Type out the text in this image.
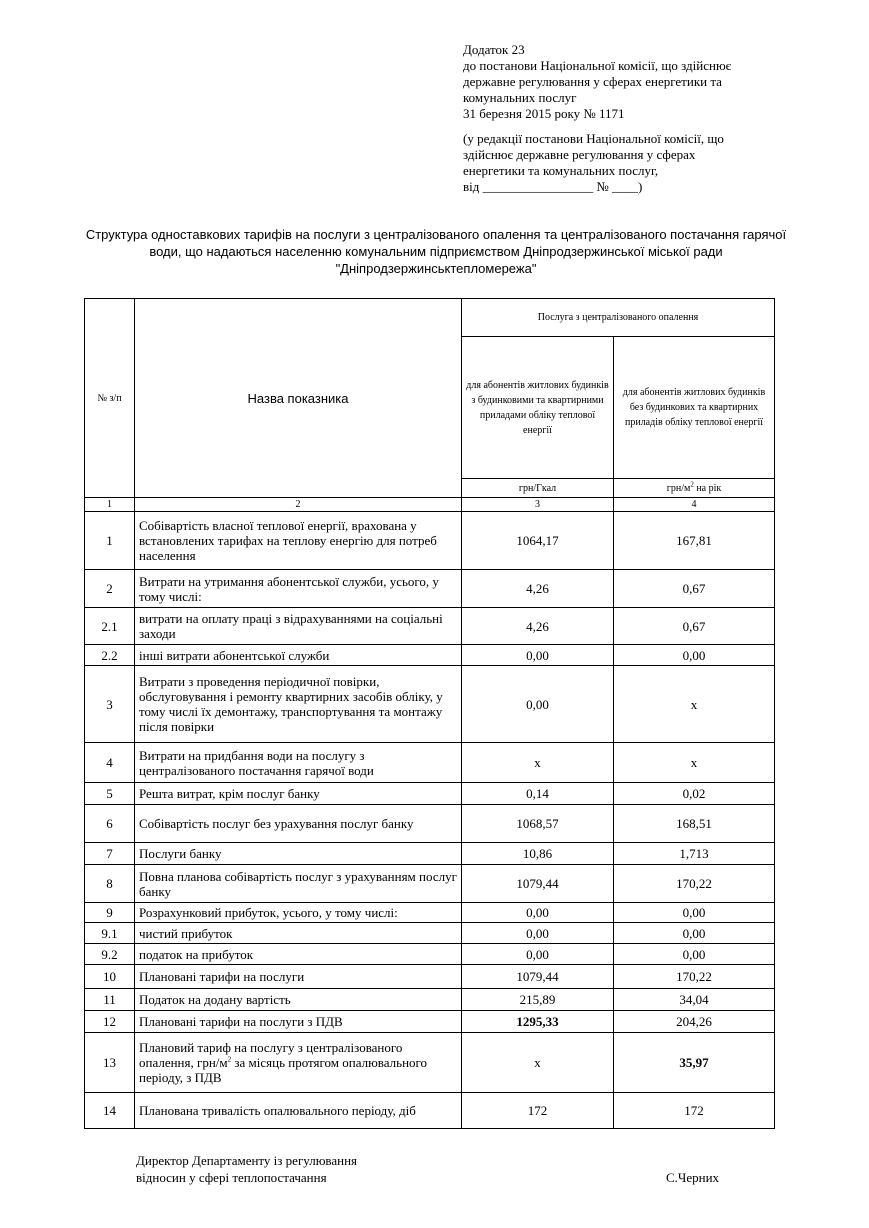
Додаток 23
до постанови Національної комісії, що здійснює
державне регулювання у сферах енергетики та
комунальних послуг
31 березня 2015 року № 1171
(у редакції постанови Національної комісії, що
здійснює державне регулювання у сферах
енергетики та комунальних послуг,
від _________________ № ____)
Структура одноставкових тарифів на послуги з централізованого опалення та централізованого постачання гарячої
води, що надаються населенню комунальним підприємством Дніпродзержинської міської ради
"Дніпродзержинськтепломережа"
№ з/п	Назва показника	Послуга з централізованого опалення	
		для абонентів житлових будинків з будинковими та квартирними приладами обліку теплової енергії	для абонентів житлових будинків без будинкових та квартирних приладів обліку теплової енергії
		грн/Гкал	грн/$м^2$ на рік
1	2	3	4
1	Собівартість власної теплової енергії, врахована у встановлених тарифах на теплову енергію для потреб населення	1064,17	167,81
2	Витрати на утримання абонентської служби, усього, у тому числі:	4,26	0,67
2.1	витрати на оплату праці з відрахуваннями на соціальні заходи	4,26	0,67
2.2	інші витрати абонентської служби	0,00	0,00
3	Витрати з проведення періодичної повірки, обслуговування і ремонту квартирних засобів обліку, у тому числі їх демонтажу, транспортування та монтажу після повірки	0,00	x
4	Витрати на придбання води на послугу з централізованого постачання гарячої води	x	x
5	Решта витрат, крім послуг банку	0,14	0,02
6	Собівартість послуг без урахування послуг банку	1068,57	168,51
7	Послуги банку	10,86	1,713
8	Повна планова собівартість послуг з урахуванням послуг банку	1079,44	170,22
9	Розрахунковий прибуток, усього, у тому числі:	0,00	0,00
9.1	чистий прибуток	0,00	0,00
9.2	податок на прибуток	0,00	0,00
10	Плановані тарифи на послуги	1079,44	170,22
11	Податок на додану вартість	215,89	34,04
12	Плановані тарифи на послуги з ПДВ	1295,33	204,26
13	Плановий тариф на послугу з централізованого опалення, грн/$м^2$ за місяць протягом опалювального періоду, з ПДВ	x	35,97
14	Планована тривалість опалювального періоду, діб	172	172
Директор Департаменту із регулювання
відносин у сфері теплопостачання	С.Черних
